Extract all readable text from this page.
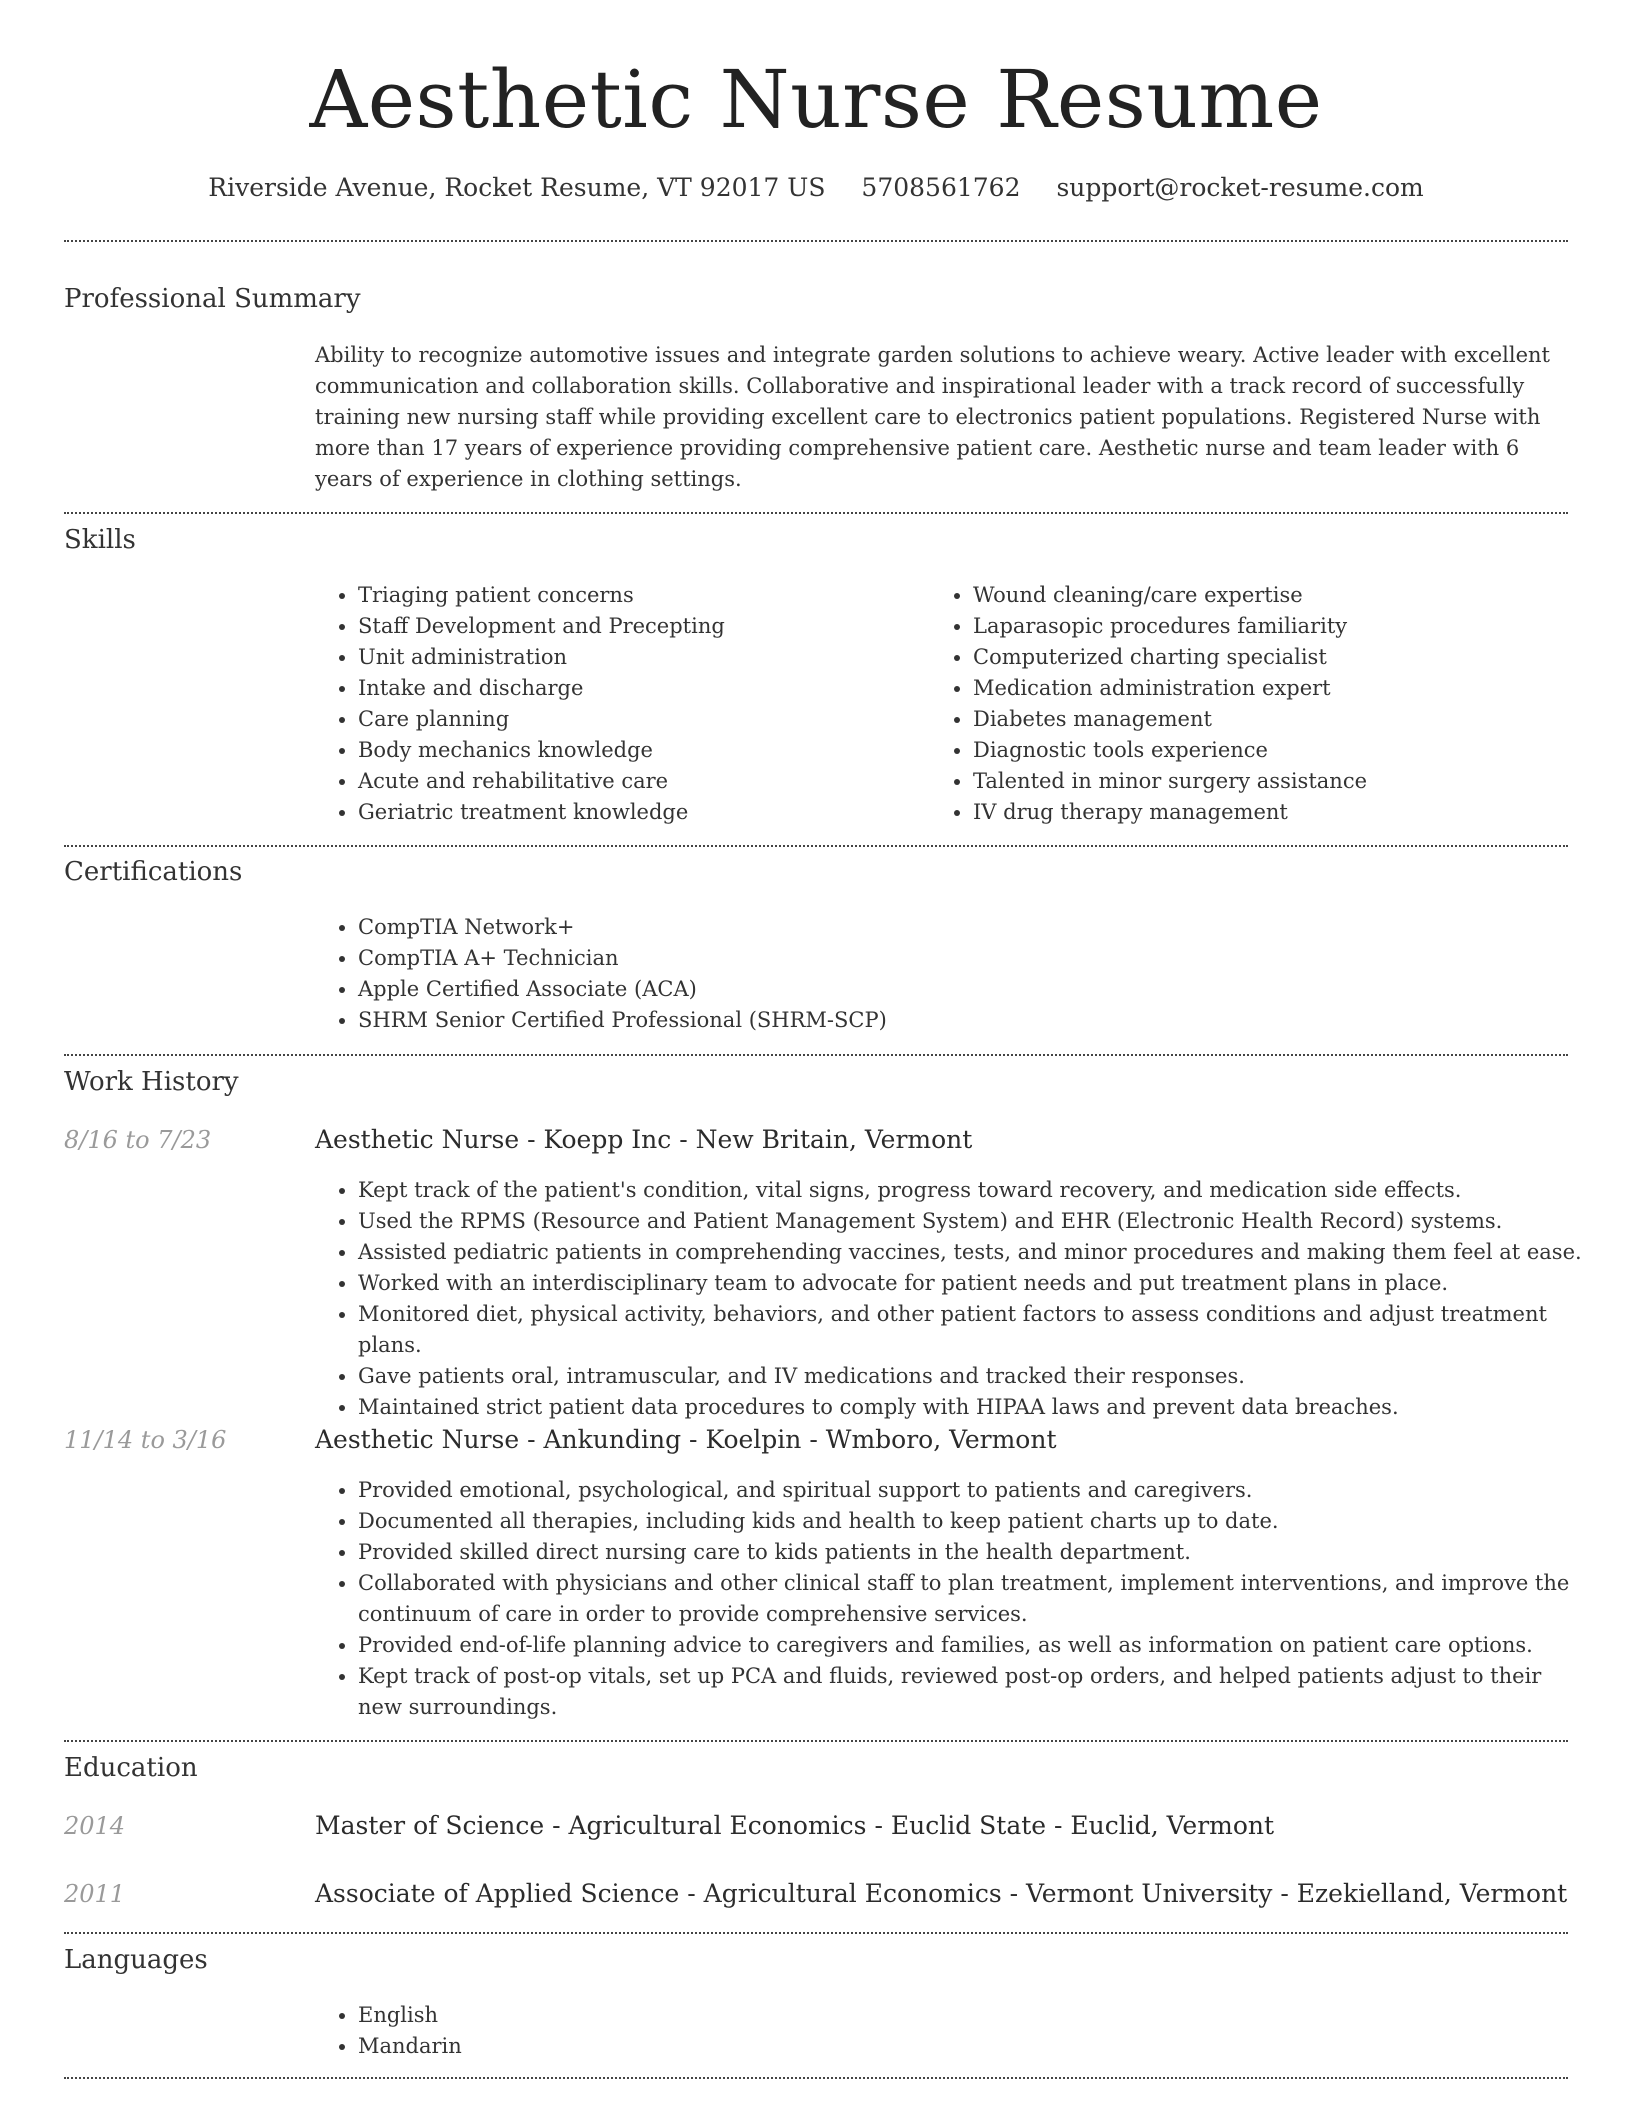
Aesthetic Nurse Resume
Riverside Avenue, Rocket Resume, VT 92017 US 5708561762 support@rocket-resume.com
Professional Summary

Ability to recognize automotive issues and integrate garden solutions to achieve weary. Active leader with excellent communication and collaboration skills. Collaborative and inspirational leader with a track record of successfully training new nursing staff while providing excellent care to electronics patient populations. Registered Nurse with more than 17 years of experience providing comprehensive patient care. Aesthetic nurse and team leader with 6 years of experience in clothing settings.

Skills
• Triaging patient concerns
• Staff Development and Precepting
• Unit administration
• Intake and discharge
• Care planning
• Body mechanics knowledge
• Acute and rehabilitative care
• Geriatric treatment knowledge
• Wound cleaning/care expertise
• Laparasopic procedures familiarity
• Computerized charting specialist
• Medication administration expert
• Diabetes management
• Diagnostic tools experience
• Talented in minor surgery assistance
• IV drug therapy management
Certifications
• CompTIA Network+
• CompTIA A+ Technician
• Apple Certified Associate (ACA)
• SHRM Senior Certified Professional (SHRM-SCP)
Work History
8/16 to 7/23	Aesthetic Nurse - Koepp Inc - New Britain, Vermont
• Kept track of the patient's condition, vital signs, progress toward recovery, and medication side effects.
• Used the RPMS (Resource and Patient Management System) and EHR (Electronic Health Record) systems.
• Assisted pediatric patients in comprehending vaccines, tests, and minor procedures and making them feel at ease.
• Worked with an interdisciplinary team to advocate for patient needs and put treatment plans in place.
• Monitored diet, physical activity, behaviors, and other patient factors to assess conditions and adjust treatment plans.
• Gave patients oral, intramuscular, and IV medications and tracked their responses.
• Maintained strict patient data procedures to comply with HIPAA laws and prevent data breaches.
11/14 to 3/16	Aesthetic Nurse - Ankunding - Koelpin - Wmboro, Vermont
• Provided emotional, psychological, and spiritual support to patients and caregivers.
• Documented all therapies, including kids and health to keep patient charts up to date.
• Provided skilled direct nursing care to kids patients in the health department.
• Collaborated with physicians and other clinical staff to plan treatment, implement interventions, and improve the continuum of care in order to provide comprehensive services.
• Provided end-of-life planning advice to caregivers and families, as well as information on patient care options.
• Kept track of post-op vitals, set up PCA and fluids, reviewed post-op orders, and helped patients adjust to their new surroundings.
Education
2014	Master of Science - Agricultural Economics - Euclid State - Euclid, Vermont
2011	Associate of Applied Science - Agricultural Economics - Vermont University - Ezekielland, Vermont
Languages
• English
• Mandarin
